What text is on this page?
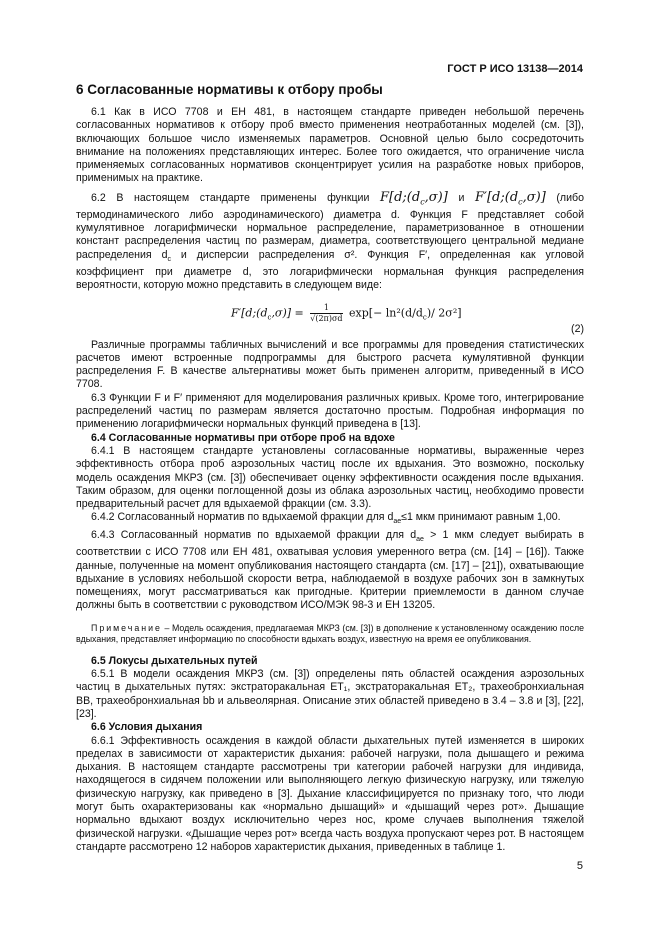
ГОСТ Р ИСО 13138—2014
6 Согласованные нормативы к отбору пробы

6.1 Как в ИСО 7708 и ЕН 481, в настоящем стандарте приведен небольшой перечень согласованных нормативов к отбору проб вместо применения неотработанных моделей (см. [3]), включающих большое число изменяемых параметров. Основной целью было сосредоточить внимание на положениях представляющих интерес. Более того ожидается, что ограничение числа применяемых согласованных нормативов сконцентрирует усилия на разработке новых приборов, применимых на практике.

6.2 В настоящем стандарте применены функции $F[d;(d_c,\sigma)]$ и $F'[d;(d_c,\sigma)]$ (либо термодинамического либо аэродинамического) диаметра d. Функция F представляет собой кумулятивное логарифмически нормальное распределение, параметризованное в отношении констант распределения частиц по размерам, диаметра, соответствующего центральной медиане распределения $d_c$ и дисперсии распределения σ². Функция F′, определенная как угловой коэффициент при диаметре d, это логарифмически нормальная функция распределения вероятности, которую можно представить в следующем виде:

$F'[d;(d_c,\sigma)] = \frac{1}{√(2\pi)\sigma d} \exp[- \ln^2(d/d_c)/$ 2σ²]
(2)

Различные программы табличных вычислений и все программы для проведения статистических расчетов имеют встроенные подпрограммы для быстрого расчета кумулятивной функции распределения F. В качестве альтернативы может быть применен алгоритм, приведенный в ИСО 7708.

6.3 Функции F и F′ применяют для моделирования различных кривых. Кроме того, интегрирование распределений частиц по размерам является достаточно простым. Подробная информация по применению логарифмически нормальных функций приведена в [13].

6.4 Согласованные нормативы при отборе проб на вдохе

6.4.1 В настоящем стандарте установлены согласованные нормативы, выраженные через эффективность отбора проб аэрозольных частиц после их вдыхания. Это возможно, поскольку модель осаждения МКРЗ (см. [3]) обеспечивает оценку эффективности осаждения после вдыхания. Таким образом, для оценки поглощенной дозы из облака аэрозольных частиц, необходимо провести предварительный расчет для вдыхаемой фракции (см. 3.3).

6.4.2 Согласованный норматив по вдыхаемой фракции для $d_{ae}\le 1$ мкм принимают равным 1,00.

6.4.3 Согласованный норматив по вдыхаемой фракции для $d_{ae} > 1$ мкм следует выбирать в соответствии с ИСО 7708 или ЕН 481, охватывая условия умеренного ветра (см. [14] – [16]). Также данные, полученные на момент опубликования настоящего стандарта (см. [17] – [21]), охватывающие вдыхание в условиях небольшой скорости ветра, наблюдаемой в воздухе рабочих зон в замкнутых помещениях, могут рассматриваться как пригодные. Критерии приемлемости в данном случае должны быть в соответствии с руководством ИСО/МЭК 98-3 и ЕН 13205.

Примечание – Модель осаждения, предлагаемая МКРЗ (см. [3]) в дополнение к установленному осаждению после вдыхания, представляет информацию по способности вдыхать воздух, известную на время ее опубликования.
6.5 Локусы дыхательных путей

6.5.1 В модели осаждения МКРЗ (см. [3]) определены пять областей осаждения аэрозольных частиц в дыхательных путях: экстраторакальная ЕТ₁, экстраторакальная ЕТ₂, трахеобронхиальная ВВ, трахеобронхиальная bb и альвеолярная. Описание этих областей приведено в 3.4 – 3.8 и [3], [22], [23].

6.6 Условия дыхания

6.6.1 Эффективность осаждения в каждой области дыхательных путей изменяется в широких пределах в зависимости от характеристик дыхания: рабочей нагрузки, пола дышащего и режима дыхания. В настоящем стандарте рассмотрены три категории рабочей нагрузки для индивида, находящегося в сидячем положении или выполняющего легкую физическую нагрузку, или тяжелую физическую нагрузку, как приведено в [3]. Дыхание классифицируется по признаку того, что люди могут быть охарактеризованы как «нормально дышащий» и «дышащий через рот». Дышащие нормально вдыхают воздух исключительно через нос, кроме случаев выполнения тяжелой физической нагрузки. «Дышащие через рот» всегда часть воздуха пропускают через рот. В настоящем стандарте рассмотрено 12 наборов характеристик дыхания, приведенных в таблице 1.

5
